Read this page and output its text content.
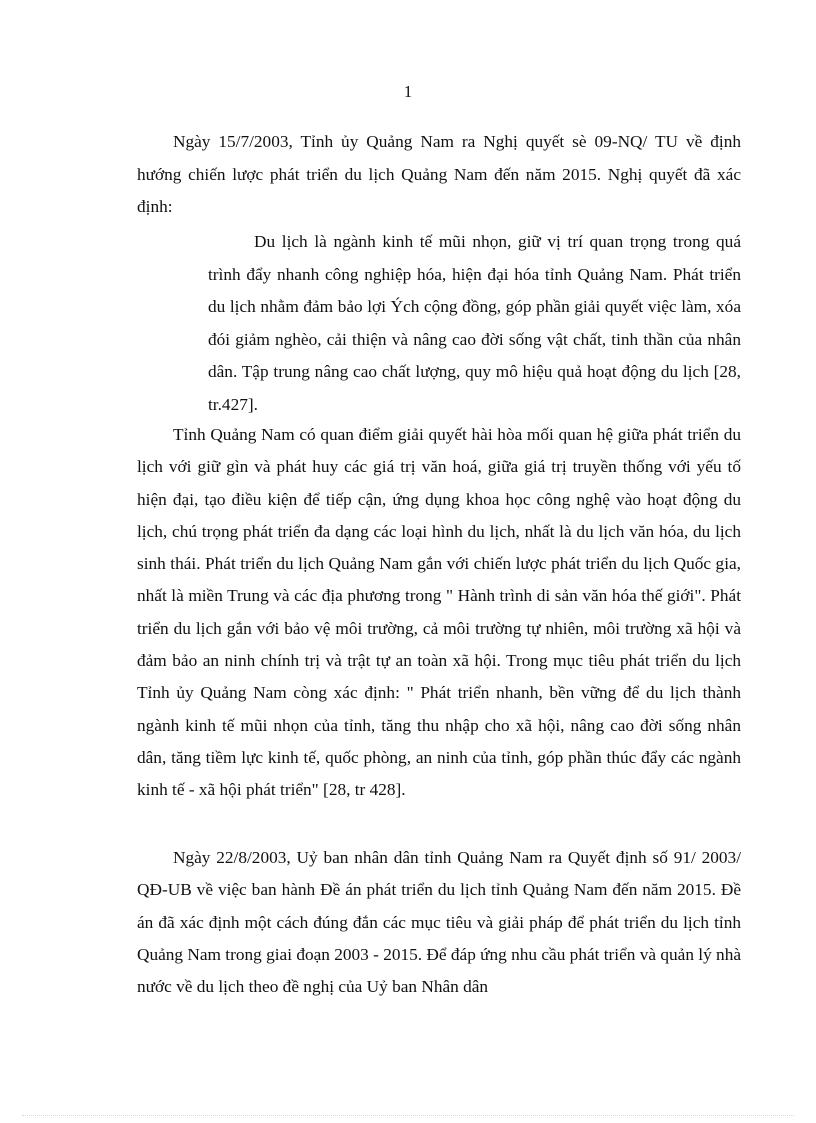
1

Ngày 15/7/2003, Tỉnh ủy Quảng Nam ra Nghị quyết sè 09-NQ/ TU về định hướng chiến lược phát triển du lịch Quảng Nam đến năm 2015. Nghị quyết đã xác định:

Du lịch là ngành kinh tế mũi nhọn, giữ vị trí quan trọng trong quá trình đẩy nhanh công nghiệp hóa, hiện đại hóa tỉnh Quảng Nam. Phát triển du lịch nhằm đảm bảo lợi Ých cộng đồng, góp phần giải quyết việc làm, xóa đói giảm nghèo, cải thiện và nâng cao đời sống vật chất, tinh thần của nhân dân. Tập trung nâng cao chất lượng, quy mô hiệu quả hoạt động du lịch [28, tr.427].

Tỉnh Quảng Nam có quan điểm giải quyết hài hòa mối quan hệ giữa phát triển du lịch với giữ gìn và phát huy các giá trị văn hoá, giữa giá trị truyền thống với yếu tố hiện đại, tạo điều kiện để tiếp cận, ứng dụng khoa học công nghệ vào hoạt động du lịch, chú trọng phát triển đa dạng các loại hình du lịch, nhất là du lịch văn hóa, du lịch sinh thái. Phát triển du lịch Quảng Nam gắn với chiến lược phát triển du lịch Quốc gia, nhất là miền Trung và các địa phương trong " Hành trình di sản văn hóa thế giới". Phát triển du lịch gắn với bảo vệ môi trường, cả môi trường tự nhiên, môi trường xã hội và đảm bảo an ninh chính trị và trật tự an toàn xã hội. Trong mục tiêu phát triển du lịch Tỉnh ủy Quảng Nam còng xác định: " Phát triển nhanh, bền vững để du lịch thành ngành kinh tế mũi nhọn của tỉnh, tăng thu nhập cho xã hội, nâng cao đời sống nhân dân, tăng tiềm lực kinh tế, quốc phòng, an ninh của tỉnh, góp phần thúc đẩy các ngành kinh tế - xã hội phát triển" [28, tr 428].

Ngày 22/8/2003, Uỷ ban nhân dân tỉnh Quảng Nam ra Quyết định số 91/ 2003/ QĐ-UB về việc ban hành Đề án phát triển du lịch tỉnh Quảng Nam đến năm 2015. Đề án đã xác định một cách đúng đắn các mục tiêu và giải pháp để phát triển du lịch tỉnh Quảng Nam trong giai đoạn 2003 - 2015. Để đáp ứng nhu cầu phát triển và quản lý nhà nước về du lịch theo đề nghị của Uỷ ban Nhân dân
